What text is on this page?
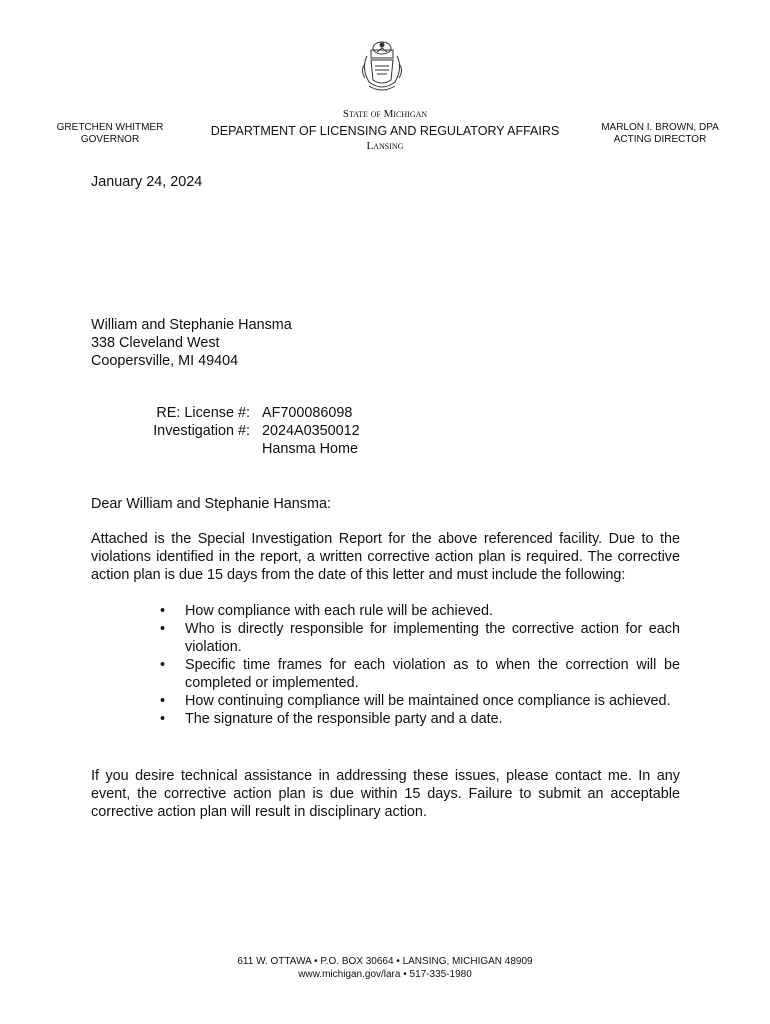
GRETCHEN WHITMER
GOVERNOR
State of Michigan
DEPARTMENT OF LICENSING AND REGULATORY AFFAIRS
Lansing
MARLON I. BROWN, DPA
ACTING DIRECTOR
January 24, 2024
William and Stephanie Hansma
338 Cleveland West
Coopersville, MI 49404
RE: License #:
Investigation #:
AF700086098
2024A0350012
Hansma Home
Dear William and Stephanie Hansma:
Attached is the Special Investigation Report for the above referenced facility. Due to the violations identified in the report, a written corrective action plan is required. The corrective action plan is due 15 days from the date of this letter and must include the following:
• How compliance with each rule will be achieved.
• Who is directly responsible for implementing the corrective action for each violation.
• Specific time frames for each violation as to when the correction will be completed or implemented.
• How continuing compliance will be maintained once compliance is achieved.
• The signature of the responsible party and a date.
If you desire technical assistance in addressing these issues, please contact me. In any event, the corrective action plan is due within 15 days. Failure to submit an acceptable corrective action plan will result in disciplinary action.
611 W. OTTAWA • P.O. BOX 30664 • LANSING, MICHIGAN 48909
www.michigan.gov/lara • 517-335-1980
